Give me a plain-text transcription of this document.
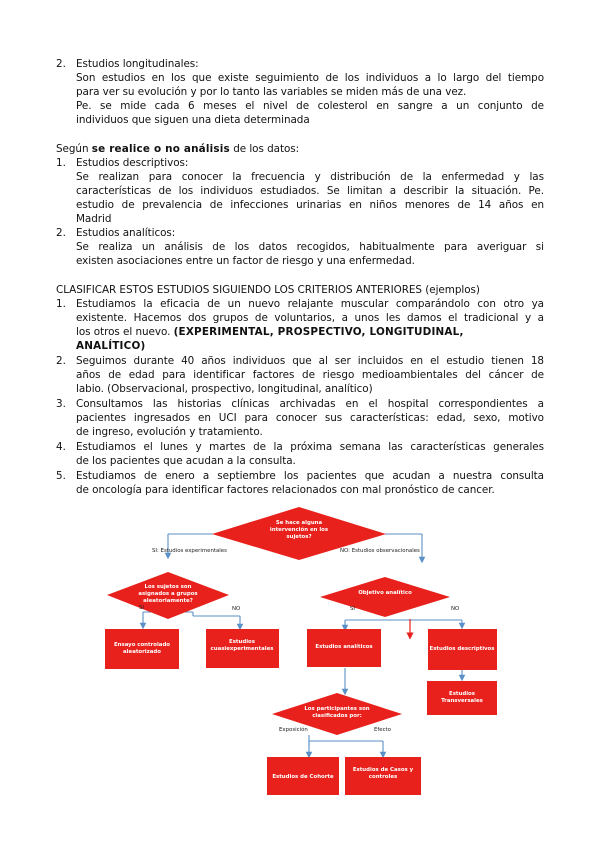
2. Estudios longitudinales:
Son estudios en los que existe seguimiento de los individuos a lo largo del tiempo
para ver su evolución y por lo tanto las variables se miden más de una vez.
Pe. se mide cada 6 meses el nivel de colesterol en sangre a un conjunto de
individuos que siguen una dieta determinada
Según se realice o no análisis de los datos:
1. Estudios descriptivos:
Se realizan para conocer la frecuencia y distribución de la enfermedad y las
características de los individuos estudiados. Se limitan a describir la situación. Pe.
estudio de prevalencia de infecciones urinarias en niños menores de 14 años en
Madrid
2. Estudios analíticos:
Se realiza un análisis de los datos recogidos, habitualmente para averiguar si
existen asociaciones entre un factor de riesgo y una enfermedad.
CLASIFICAR ESTOS ESTUDIOS SIGUIENDO LOS CRITERIOS ANTERIORES (ejemplos)
1. Estudiamos la eficacia de un nuevo relajante muscular comparándolo con otro ya
existente. Hacemos dos grupos de voluntarios, a unos les damos el tradicional y a
los otros el nuevo. (EXPERIMENTAL, PROSPECTIVO, LONGITUDINAL,
ANALÍTICO)
2. Seguimos durante 40 años individuos que al ser incluidos en el estudio tienen 18
años de edad para identificar factores de riesgo medioambientales del cáncer de
labio. (Observacional, prospectivo, longitudinal, analítico)
3. Consultamos las historias clínicas archivadas en el hospital correspondientes a
pacientes ingresados en UCI para conocer sus características: edad, sexo, motivo
de ingreso, evolución y tratamiento.
4. Estudiamos el lunes y martes de la próxima semana las características generales
de los pacientes que acudan a la consulta.
5. Estudiamos de enero a septiembre los pacientes que acudan a nuestra consulta
de oncología para identificar factores relacionados con mal pronóstico de cancer.
Se hace alguna
intervención en los
sujetos?
Los sujetos son
asignados a grupos
aleatoriamente?
Objetivo analítico
Ensayo controlado
aleatorizado
Estudios
cuasiexperimentales	Estudios analíticos	Estudios descriptivos
Estudios
Transversales
Los participantes son
clasificados por:
Estudios de Cohorte
Estudios de Casos y
controles
SI: Estudios experimentales	NO: Estudios observacionales
SI	NO	SI	NO
Exposición	Efecto
